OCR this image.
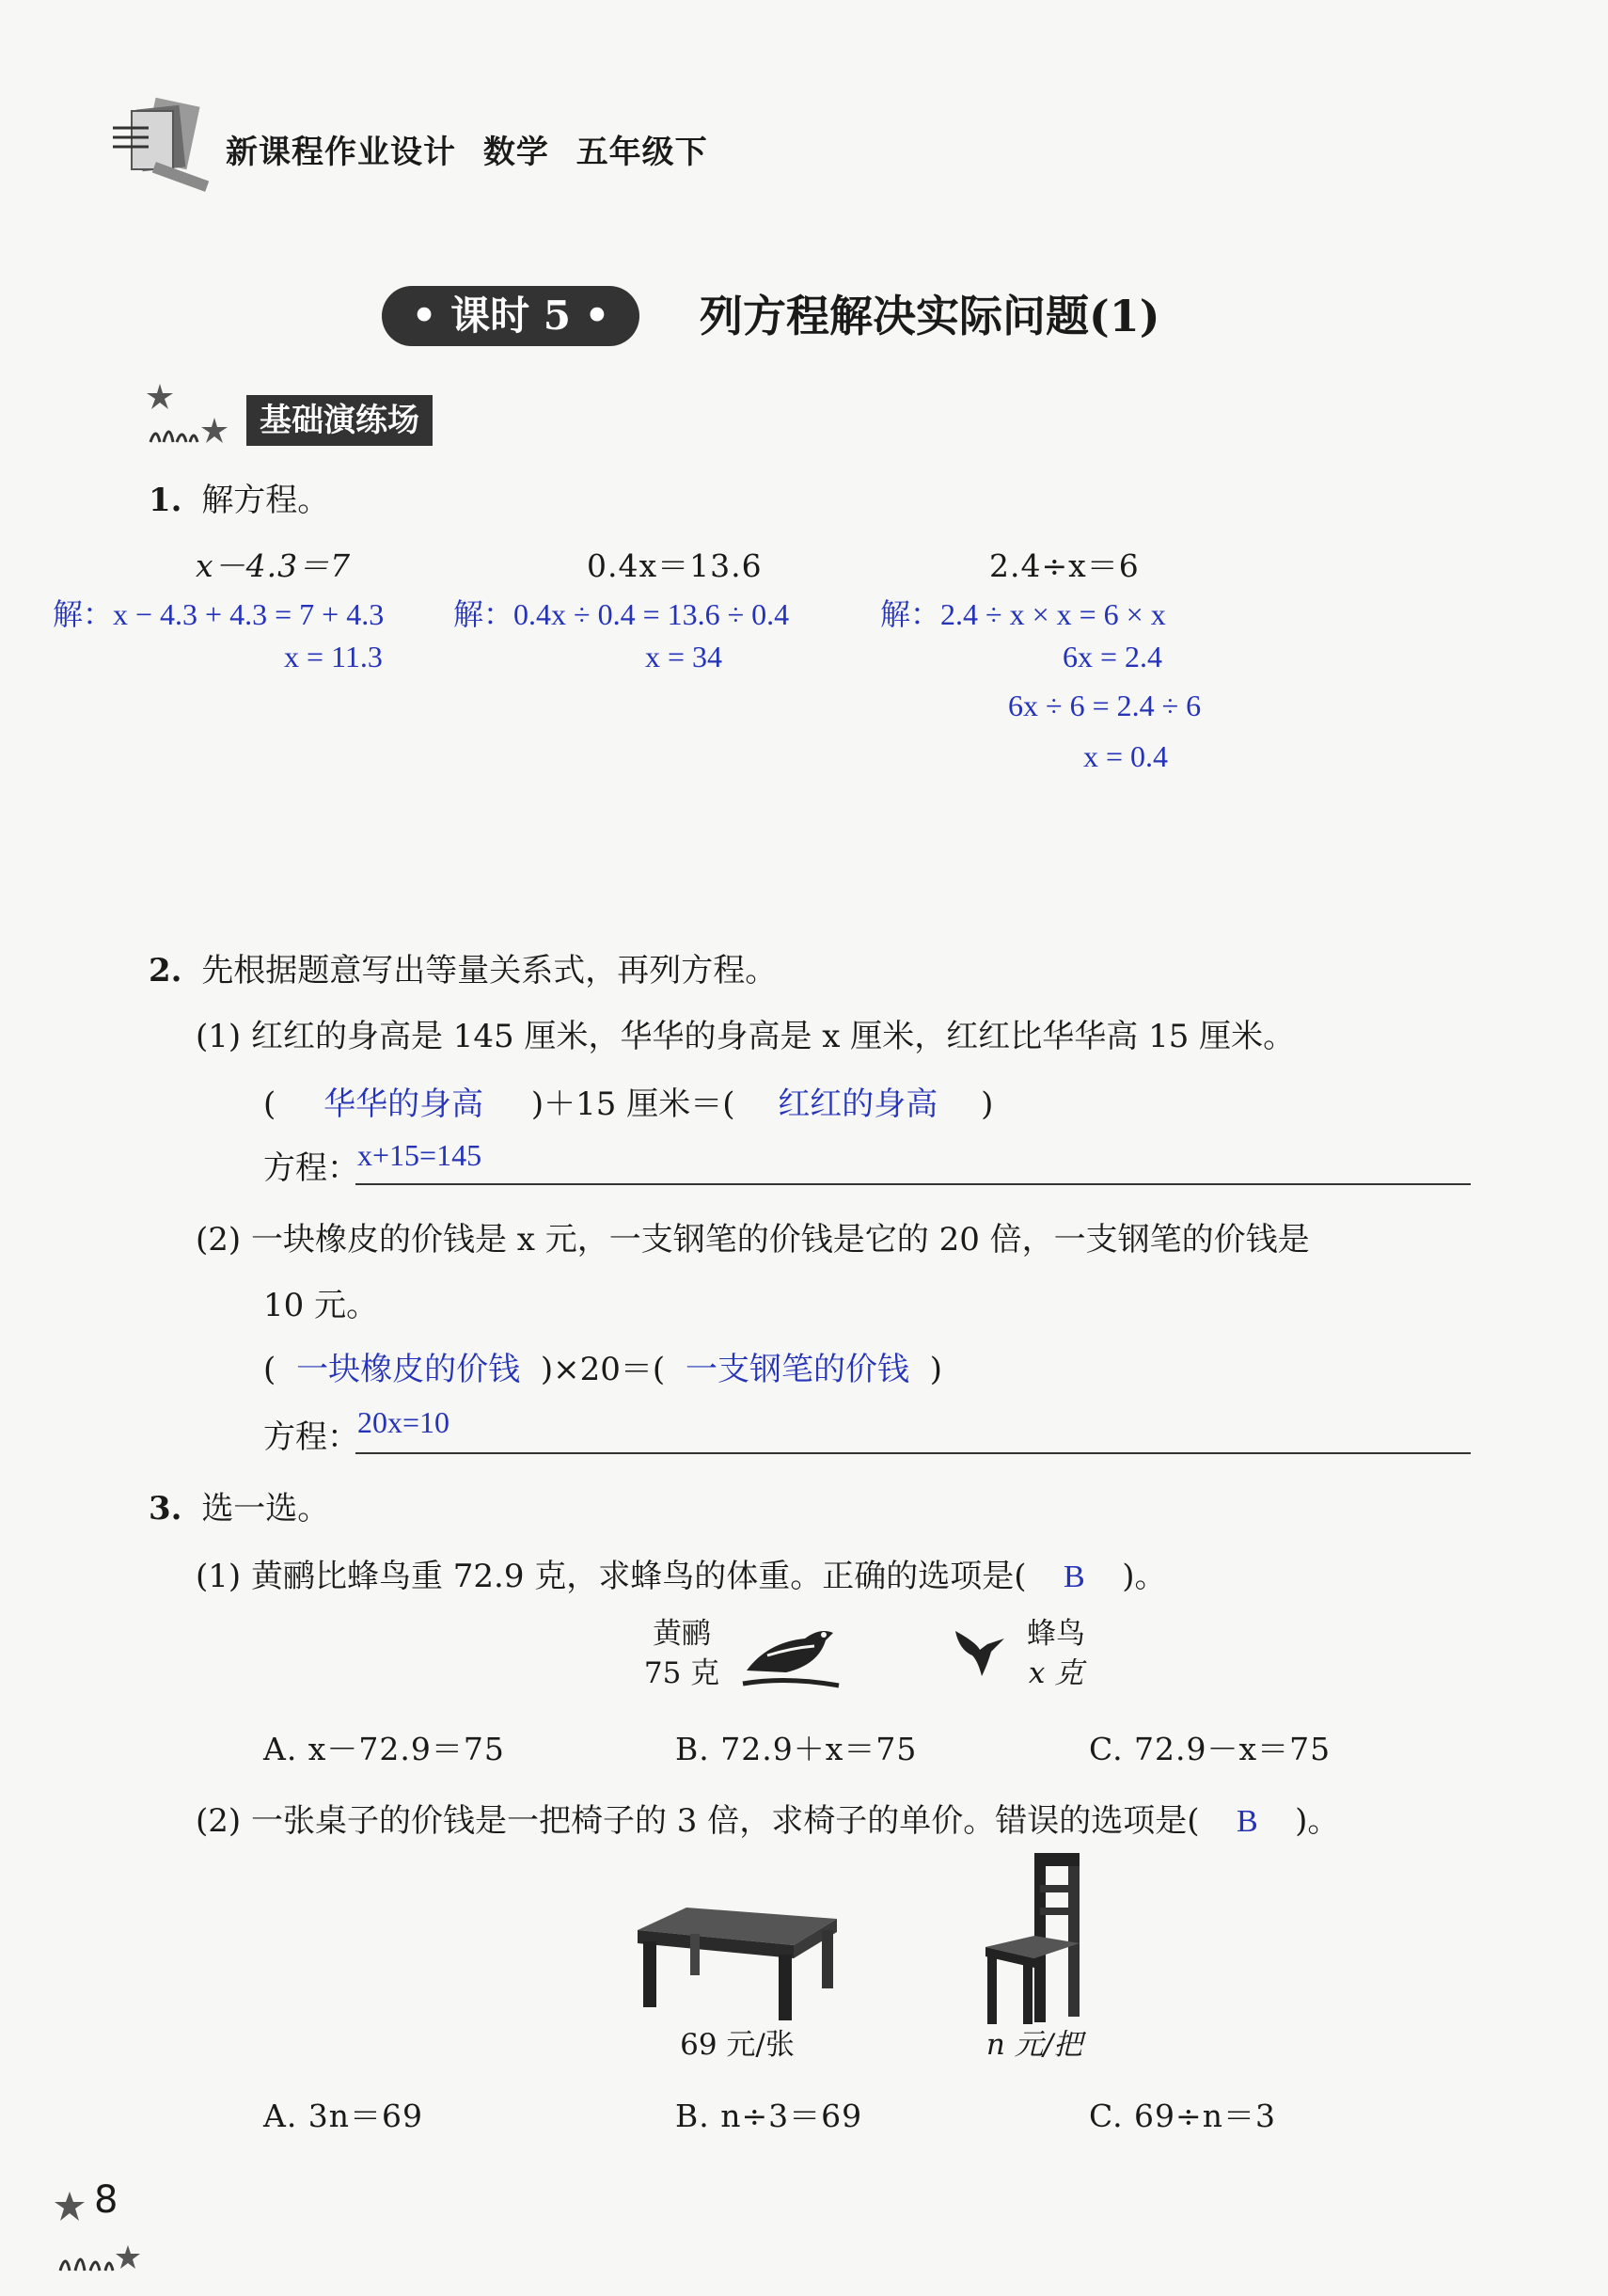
新课程作业设计 数学 五年级下
• 课时 5 •	列方程解决实际问题(1)
基础演练场
1. 解方程。
x－4.3＝7	0.4x＝13.6	2.4÷x＝6
解：x − 4.3 + 4.3 = 7 + 4.3
x = 11.3
解：0.4x ÷ 0.4 = 13.6 ÷ 0.4
x = 34
解：2.4 ÷ x × x = 6 × x
6x = 2.4
6x ÷ 6 = 2.4 ÷ 6
x = 0.4
2. 先根据题意写出等量关系式，再列方程。
(1) 红红的身高是 145 厘米，华华的身高是 x 厘米，红红比华华高 15 厘米。
( 华华的身高 )＋15 厘米＝( 红红的身高 )
方程：
x+15=145
(2) 一块橡皮的价钱是 x 元，一支钢笔的价钱是它的 20 倍，一支钢笔的价钱是
10 元。
( 一块橡皮的价钱 )×20＝( 一支钢笔的价钱 )
方程：
20x=10
3. 选一选。
(1) 黄鹂比蜂鸟重 72.9 克，求蜂鸟的体重。正确的选项是( B )。
黄鹂
75 克
蜂鸟
x 克
A. x－72.9＝75	B. 72.9＋x＝75	C. 72.9－x＝75
(2) 一张桌子的价钱是一把椅子的 3 倍，求椅子的单价。错误的选项是( B )。
69 元/张	n 元/把
A. 3n＝69	B. n÷3＝69	C. 69÷n＝3
8
